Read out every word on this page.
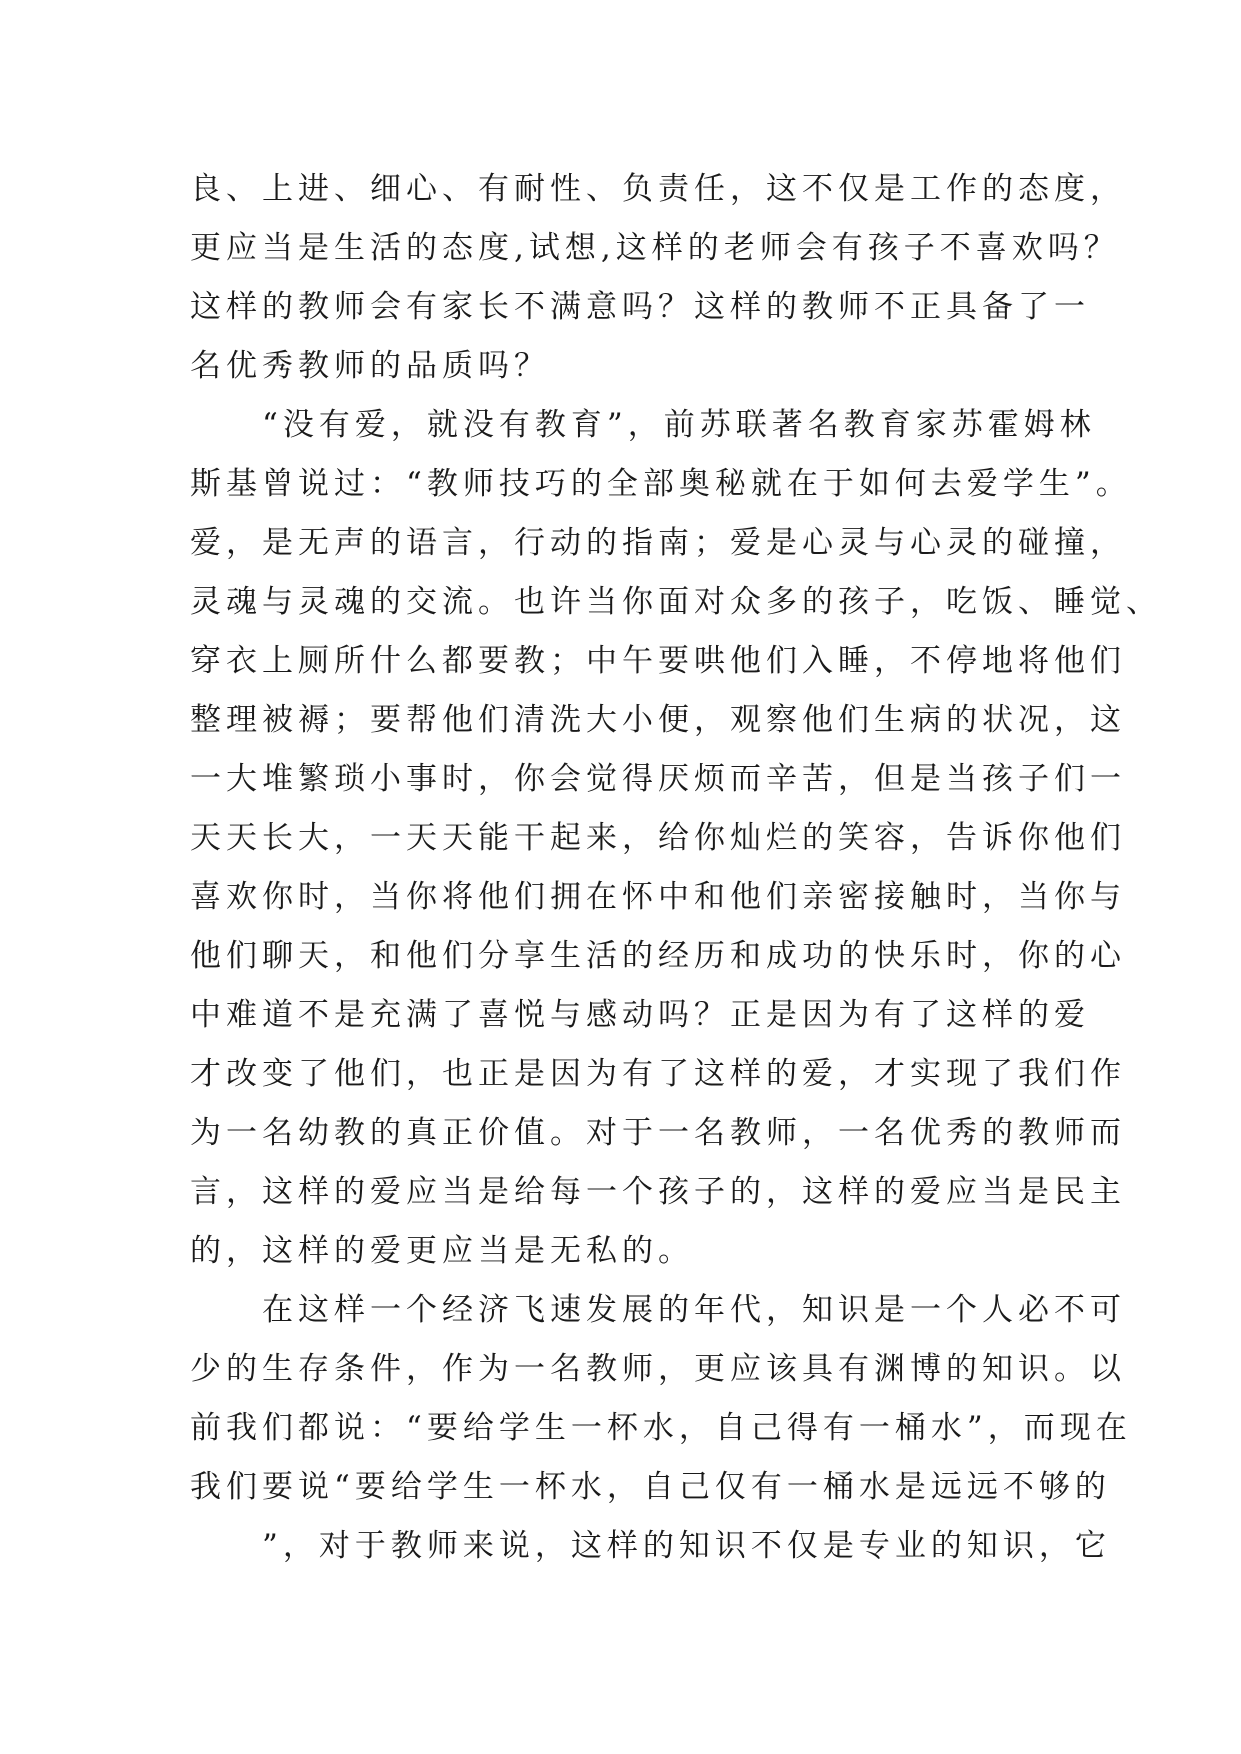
良、上进、细心、有耐性、负责任，这不仅是工作的态度，
更应当是生活的态度,试想,这样的老师会有孩子不喜欢吗？
这样的教师会有家长不满意吗？这样的教师不正具备了一
名优秀教师的品质吗？
　　“没有爱，就没有教育”，前苏联著名教育家苏霍姆林
斯基曾说过：“教师技巧的全部奥秘就在于如何去爱学生”。
爱，是无声的语言，行动的指南；爱是心灵与心灵的碰撞，
灵魂与灵魂的交流。也许当你面对众多的孩子，吃饭、睡觉、
穿衣上厕所什么都要教；中午要哄他们入睡，不停地将他们
整理被褥；要帮他们清洗大小便，观察他们生病的状况，这
一大堆繁琐小事时，你会觉得厌烦而辛苦，但是当孩子们一
天天长大，一天天能干起来，给你灿烂的笑容，告诉你他们
喜欢你时，当你将他们拥在怀中和他们亲密接触时，当你与
他们聊天，和他们分享生活的经历和成功的快乐时，你的心
中难道不是充满了喜悦与感动吗？正是因为有了这样的爱
才改变了他们，也正是因为有了这样的爱，才实现了我们作
为一名幼教的真正价值。对于一名教师，一名优秀的教师而
言，这样的爱应当是给每一个孩子的，这样的爱应当是民主
的，这样的爱更应当是无私的。
　　在这样一个经济飞速发展的年代，知识是一个人必不可
少的生存条件，作为一名教师，更应该具有渊博的知识。以
前我们都说：“要给学生一杯水，自己得有一桶水”，而现在
我们要说“要给学生一杯水，自己仅有一桶水是远远不够的
　　”，对于教师来说，这样的知识不仅是专业的知识，它
